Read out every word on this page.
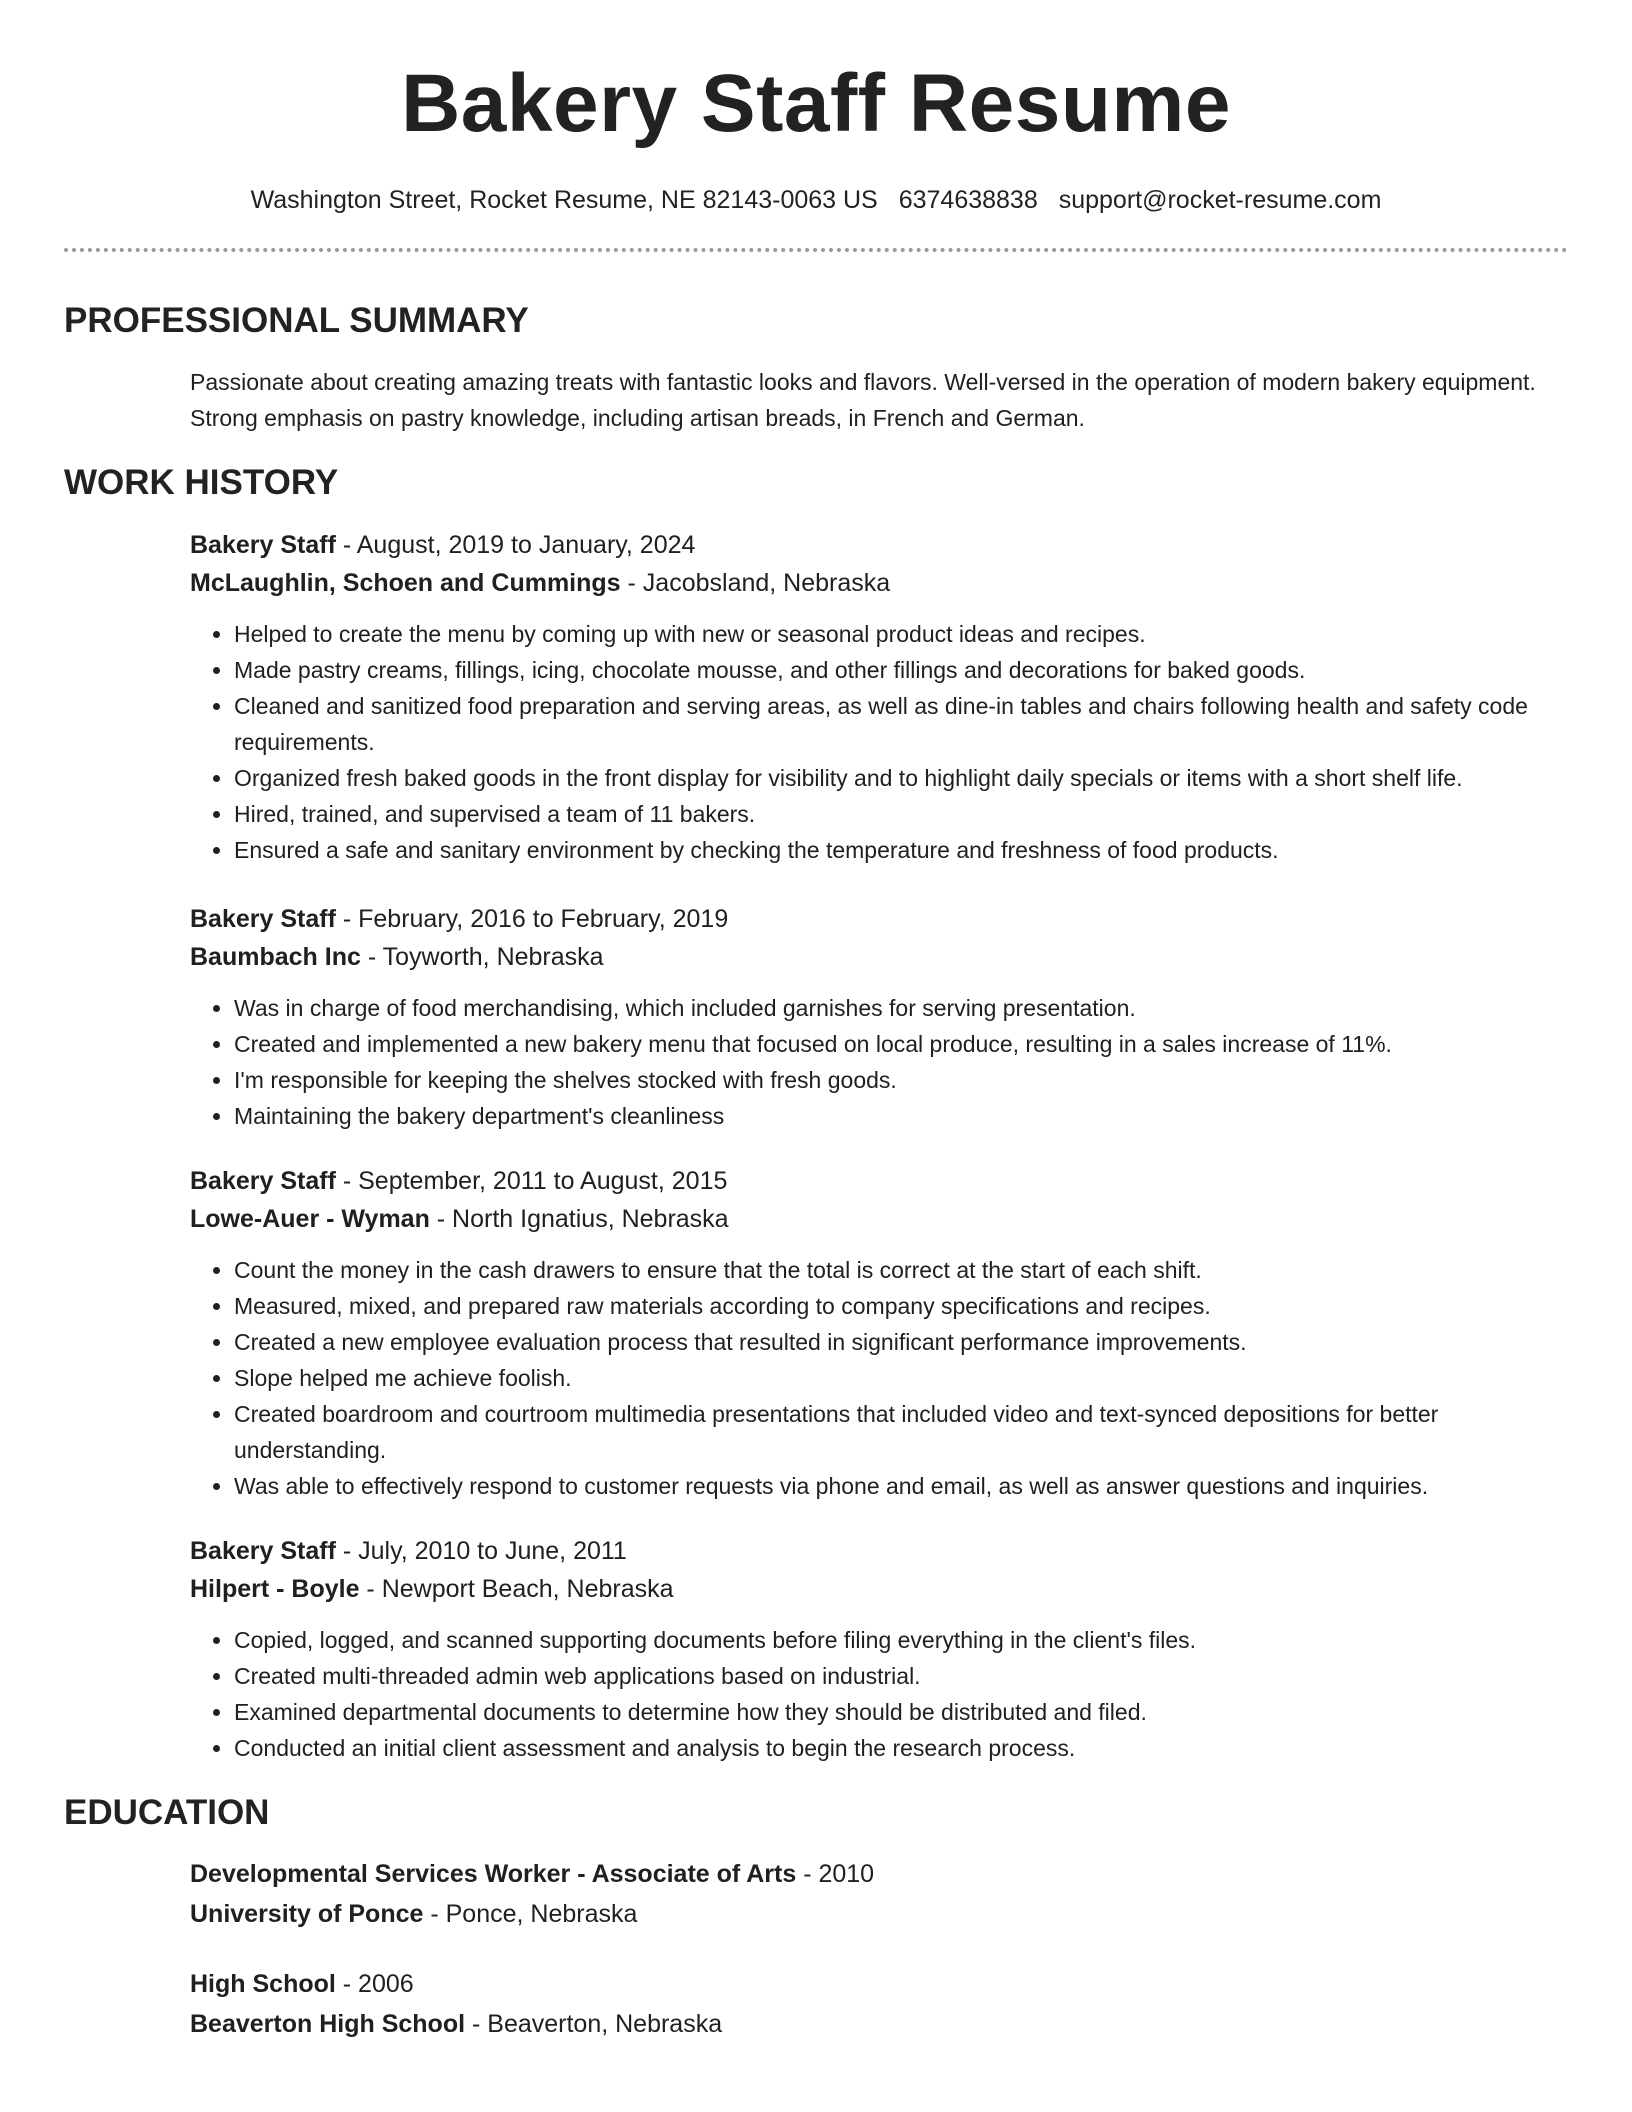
Bakery Staff Resume
Washington Street, Rocket Resume, NE 82143-0063 US 6374638838 support@rocket-resume.com
PROFESSIONAL SUMMARY

Passionate about creating amazing treats with fantastic looks and flavors. Well-versed in the operation of modern bakery equipment. Strong emphasis on pastry knowledge, including artisan breads, in French and German.

WORK HISTORY
Bakery Staff - August, 2019 to January, 2024
McLaughlin, Schoen and Cummings - Jacobsland, Nebraska
• Helped to create the menu by coming up with new or seasonal product ideas and recipes.
• Made pastry creams, fillings, icing, chocolate mousse, and other fillings and decorations for baked goods.
• Cleaned and sanitized food preparation and serving areas, as well as dine-in tables and chairs following health and safety code requirements.
• Organized fresh baked goods in the front display for visibility and to highlight daily specials or items with a short shelf life.
• Hired, trained, and supervised a team of 11 bakers.
• Ensured a safe and sanitary environment by checking the temperature and freshness of food products.
Bakery Staff - February, 2016 to February, 2019
Baumbach Inc - Toyworth, Nebraska
• Was in charge of food merchandising, which included garnishes for serving presentation.
• Created and implemented a new bakery menu that focused on local produce, resulting in a sales increase of 11%.
• I'm responsible for keeping the shelves stocked with fresh goods.
• Maintaining the bakery department's cleanliness
Bakery Staff - September, 2011 to August, 2015
Lowe-Auer - Wyman - North Ignatius, Nebraska
• Count the money in the cash drawers to ensure that the total is correct at the start of each shift.
• Measured, mixed, and prepared raw materials according to company specifications and recipes.
• Created a new employee evaluation process that resulted in significant performance improvements.
• Slope helped me achieve foolish.
• Created boardroom and courtroom multimedia presentations that included video and text-synced depositions for better understanding.
• Was able to effectively respond to customer requests via phone and email, as well as answer questions and inquiries.
Bakery Staff - July, 2010 to June, 2011
Hilpert - Boyle - Newport Beach, Nebraska
• Copied, logged, and scanned supporting documents before filing everything in the client's files.
• Created multi-threaded admin web applications based on industrial.
• Examined departmental documents to determine how they should be distributed and filed.
• Conducted an initial client assessment and analysis to begin the research process.
EDUCATION
Developmental Services Worker - Associate of Arts - 2010
University of Ponce - Ponce, Nebraska
High School - 2006
Beaverton High School - Beaverton, Nebraska
